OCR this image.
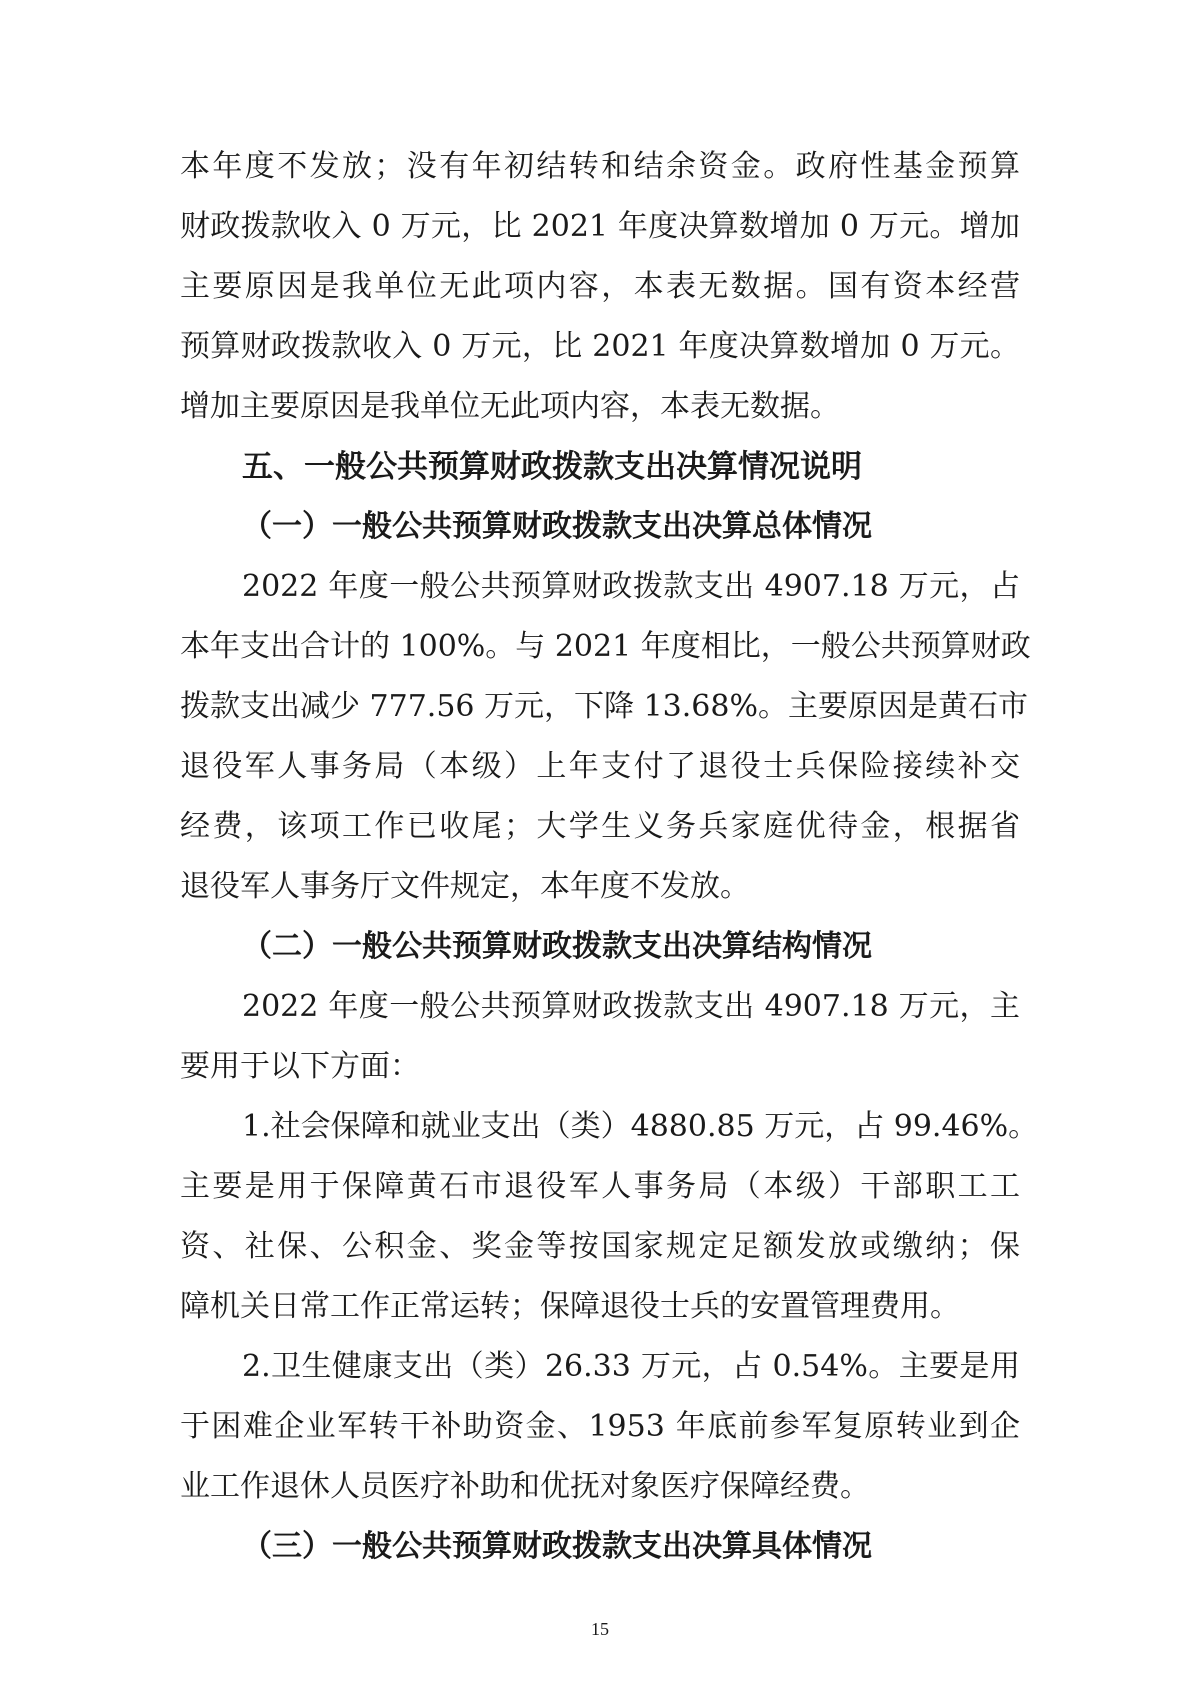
本年度不发放；没有年初结转和结余资金。政府性基金预算
财政拨款收入 0 万元，比 2021 年度决算数增加 0 万元。增加
主要原因是我单位无此项内容，本表无数据。国有资本经营
预算财政拨款收入 0 万元，比 2021 年度决算数增加 0 万元。
增加主要原因是我单位无此项内容，本表无数据。
五、一般公共预算财政拨款支出决算情况说明
（一）一般公共预算财政拨款支出决算总体情况
2022 年度一般公共预算财政拨款支出 4907.18 万元，占
本年支出合计的 100%。与 2021 年度相比，一般公共预算财政
拨款支出减少 777.56 万元，下降 13.68%。主要原因是黄石市
退役军人事务局（本级）上年支付了退役士兵保险接续补交
经费，该项工作已收尾；大学生义务兵家庭优待金，根据省
退役军人事务厅文件规定，本年度不发放。
（二）一般公共预算财政拨款支出决算结构情况
2022 年度一般公共预算财政拨款支出 4907.18 万元，主
要用于以下方面：
1.社会保障和就业支出（类）4880.85 万元，占 99.46%。
主要是用于保障黄石市退役军人事务局（本级）干部职工工
资、社保、公积金、奖金等按国家规定足额发放或缴纳；保
障机关日常工作正常运转；保障退役士兵的安置管理费用。
2.卫生健康支出（类）26.33 万元，占 0.54%。主要是用
于困难企业军转干补助资金、1953 年底前参军复原转业到企
业工作退休人员医疗补助和优抚对象医疗保障经费。
15
（三）一般公共预算财政拨款支出决算具体情况
